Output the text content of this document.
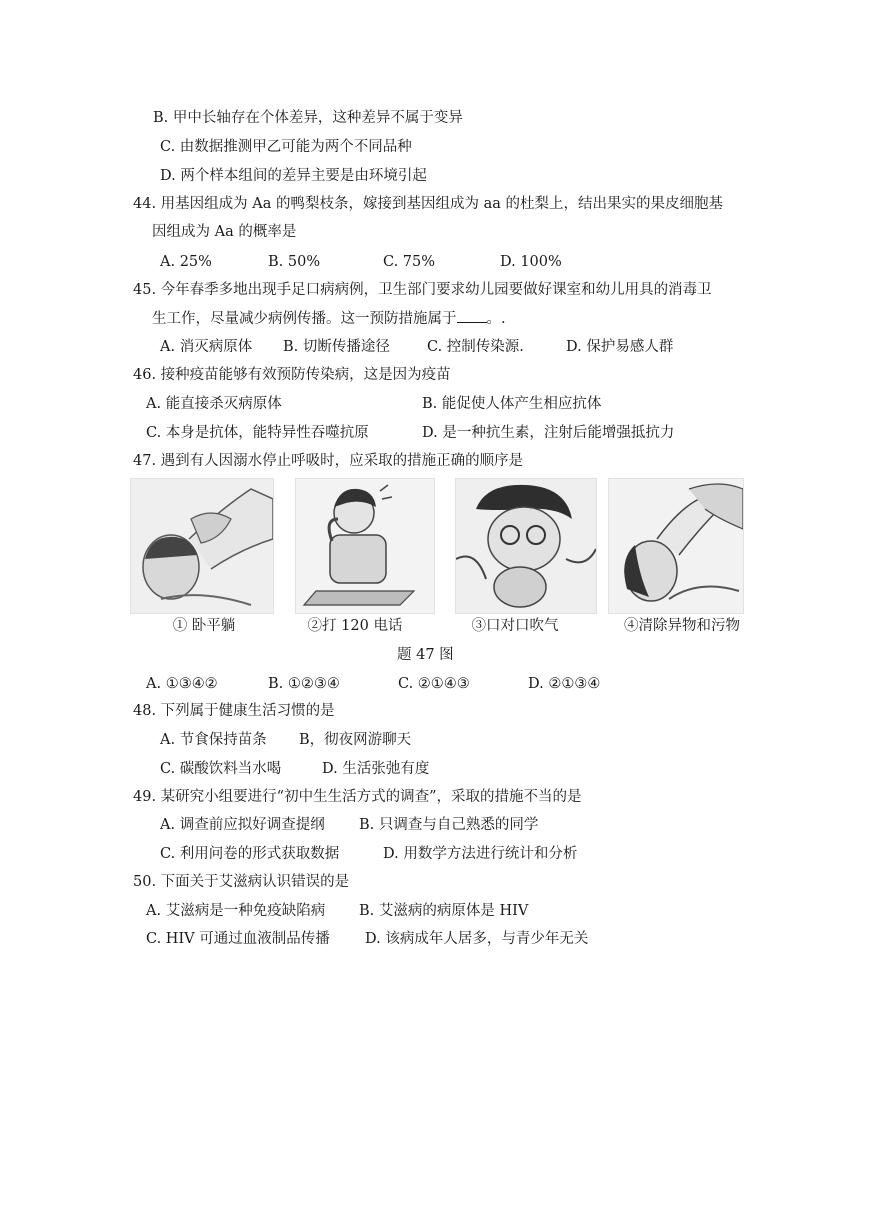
B. 甲中长轴存在个体差异，这种差异不属于变异
C. 由数据推测甲乙可能为两个不同品种
D. 两个样本组间的差异主要是由环境引起
44. 用基因组成为 Aa 的鸭梨枝条，嫁接到基因组成为 aa 的杜梨上，结出果实的果皮细胞基
因组成为 Aa 的概率是
A. 25%	B. 50%	C. 75%	D. 100%
45. 今年春季多地出现手足口病病例，卫生部门要求幼儿园要做好课室和幼儿用具的消毒卫
生工作，尽量减少病例传播。这一预防措施属于 。.
A. 消灭病原体 B. 切断传播途径	C. 控制传染源.	D. 保护易感人群
46. 接种疫苗能够有效预防传染病，这是因为疫苗
A. 能直接杀灭病原体	B. 能促使人体产生相应抗体
C. 本身是抗体，能特异性吞噬抗原	D. 是一种抗生素，注射后能增强抵抗力
47. 遇到有人因溺水停止呼吸时，应采取的措施正确的顺序是
① 卧平躺	②打 120 电话	③口对口吹气	④清除异物和污物
题 47 图
A. ①③④②	B. ①②③④	C. ②①④③	D. ②①③④
48. 下列属于健康生活习惯的是
A. 节食保持苗条 B，彻夜网游聊天
C. 碳酸饮料当水喝	D. 生活张弛有度
49. 某研究小组要进行“初中生生活方式的调查”，采取的措施不当的是
A. 调查前应拟好调查提纲 B. 只调查与自己熟悉的同学
C. 利用问卷的形式获取数据	D. 用数学方法进行统计和分析
50. 下面关于艾滋病认识错误的是
A. 艾滋病是一种免疫缺陷病 B. 艾滋病的病原体是 HIV
C. HIV 可通过血液制品传播 D. 该病成年人居多，与青少年无关
